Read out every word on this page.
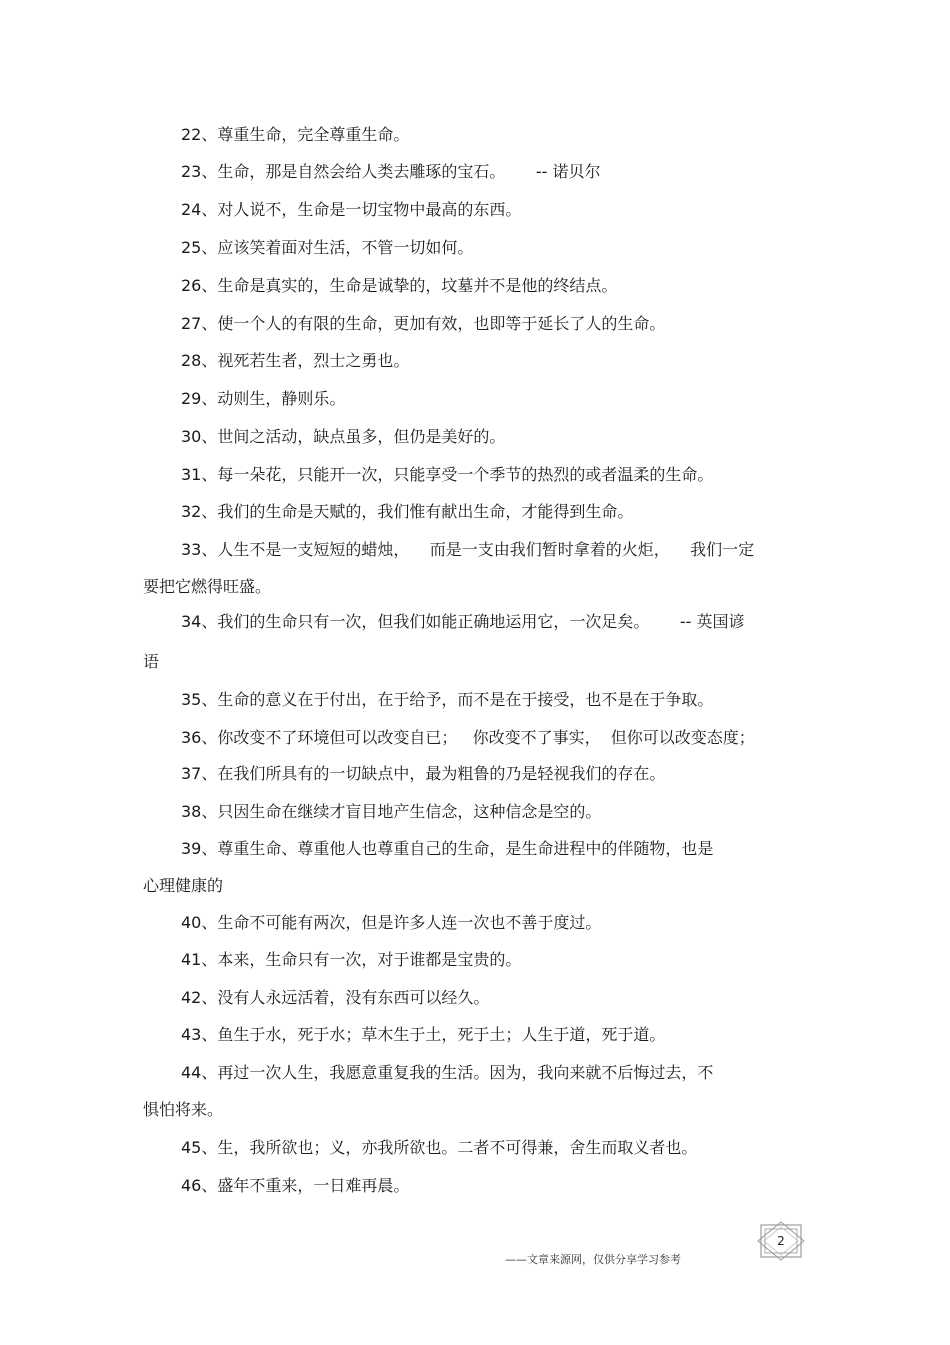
22、尊重生命，完全尊重生命。
23、生命，那是自然会给人类去雕琢的宝石。      -- 诺贝尔
24、对人说不，生命是一切宝物中最高的东西。
25、应该笑着面对生活，不管一切如何。
26、生命是真实的，生命是诚挚的，坟墓并不是他的终结点。
27、使一个人的有限的生命，更加有效，也即等于延长了人的生命。
28、视死若生者，烈士之勇也。
29、动则生，静则乐。
30、世间之活动，缺点虽多，但仍是美好的。
31、每一朵花，只能开一次，只能享受一个季节的热烈的或者温柔的生命。
32、我们的生命是天赋的，我们惟有献出生命，才能得到生命。
33、人生不是一支短短的蜡烛，    而是一支由我们暂时拿着的火炬，    我们一定
要把它燃得旺盛。
34、我们的生命只有一次，但我们如能正确地运用它，一次足矣。      -- 英国谚
语
35、生命的意义在于付出，在于给予，而不是在于接受，也不是在于争取。
36、你改变不了环境但可以改变自已；   你改变不了事实，  但你可以改变态度；
37、在我们所具有的一切缺点中，最为粗鲁的乃是轻视我们的存在。
38、只因生命在继续才盲目地产生信念，这种信念是空的。
39、尊重生命、尊重他人也尊重自己的生命，是生命进程中的伴随物，也是
心理健康的
40、生命不可能有两次，但是许多人连一次也不善于度过。
41、本来，生命只有一次，对于谁都是宝贵的。
42、没有人永远活着，没有东西可以经久。
43、鱼生于水，死于水；草木生于土，死于土；人生于道，死于道。
44、再过一次人生，我愿意重复我的生活。因为，我向来就不后悔过去，不
惧怕将来。
45、生，我所欲也；义，亦我所欲也。二者不可得兼，舍生而取义者也。
46、盛年不重来，一日难再晨。
——文章来源网，仅供分享学习参考
2
